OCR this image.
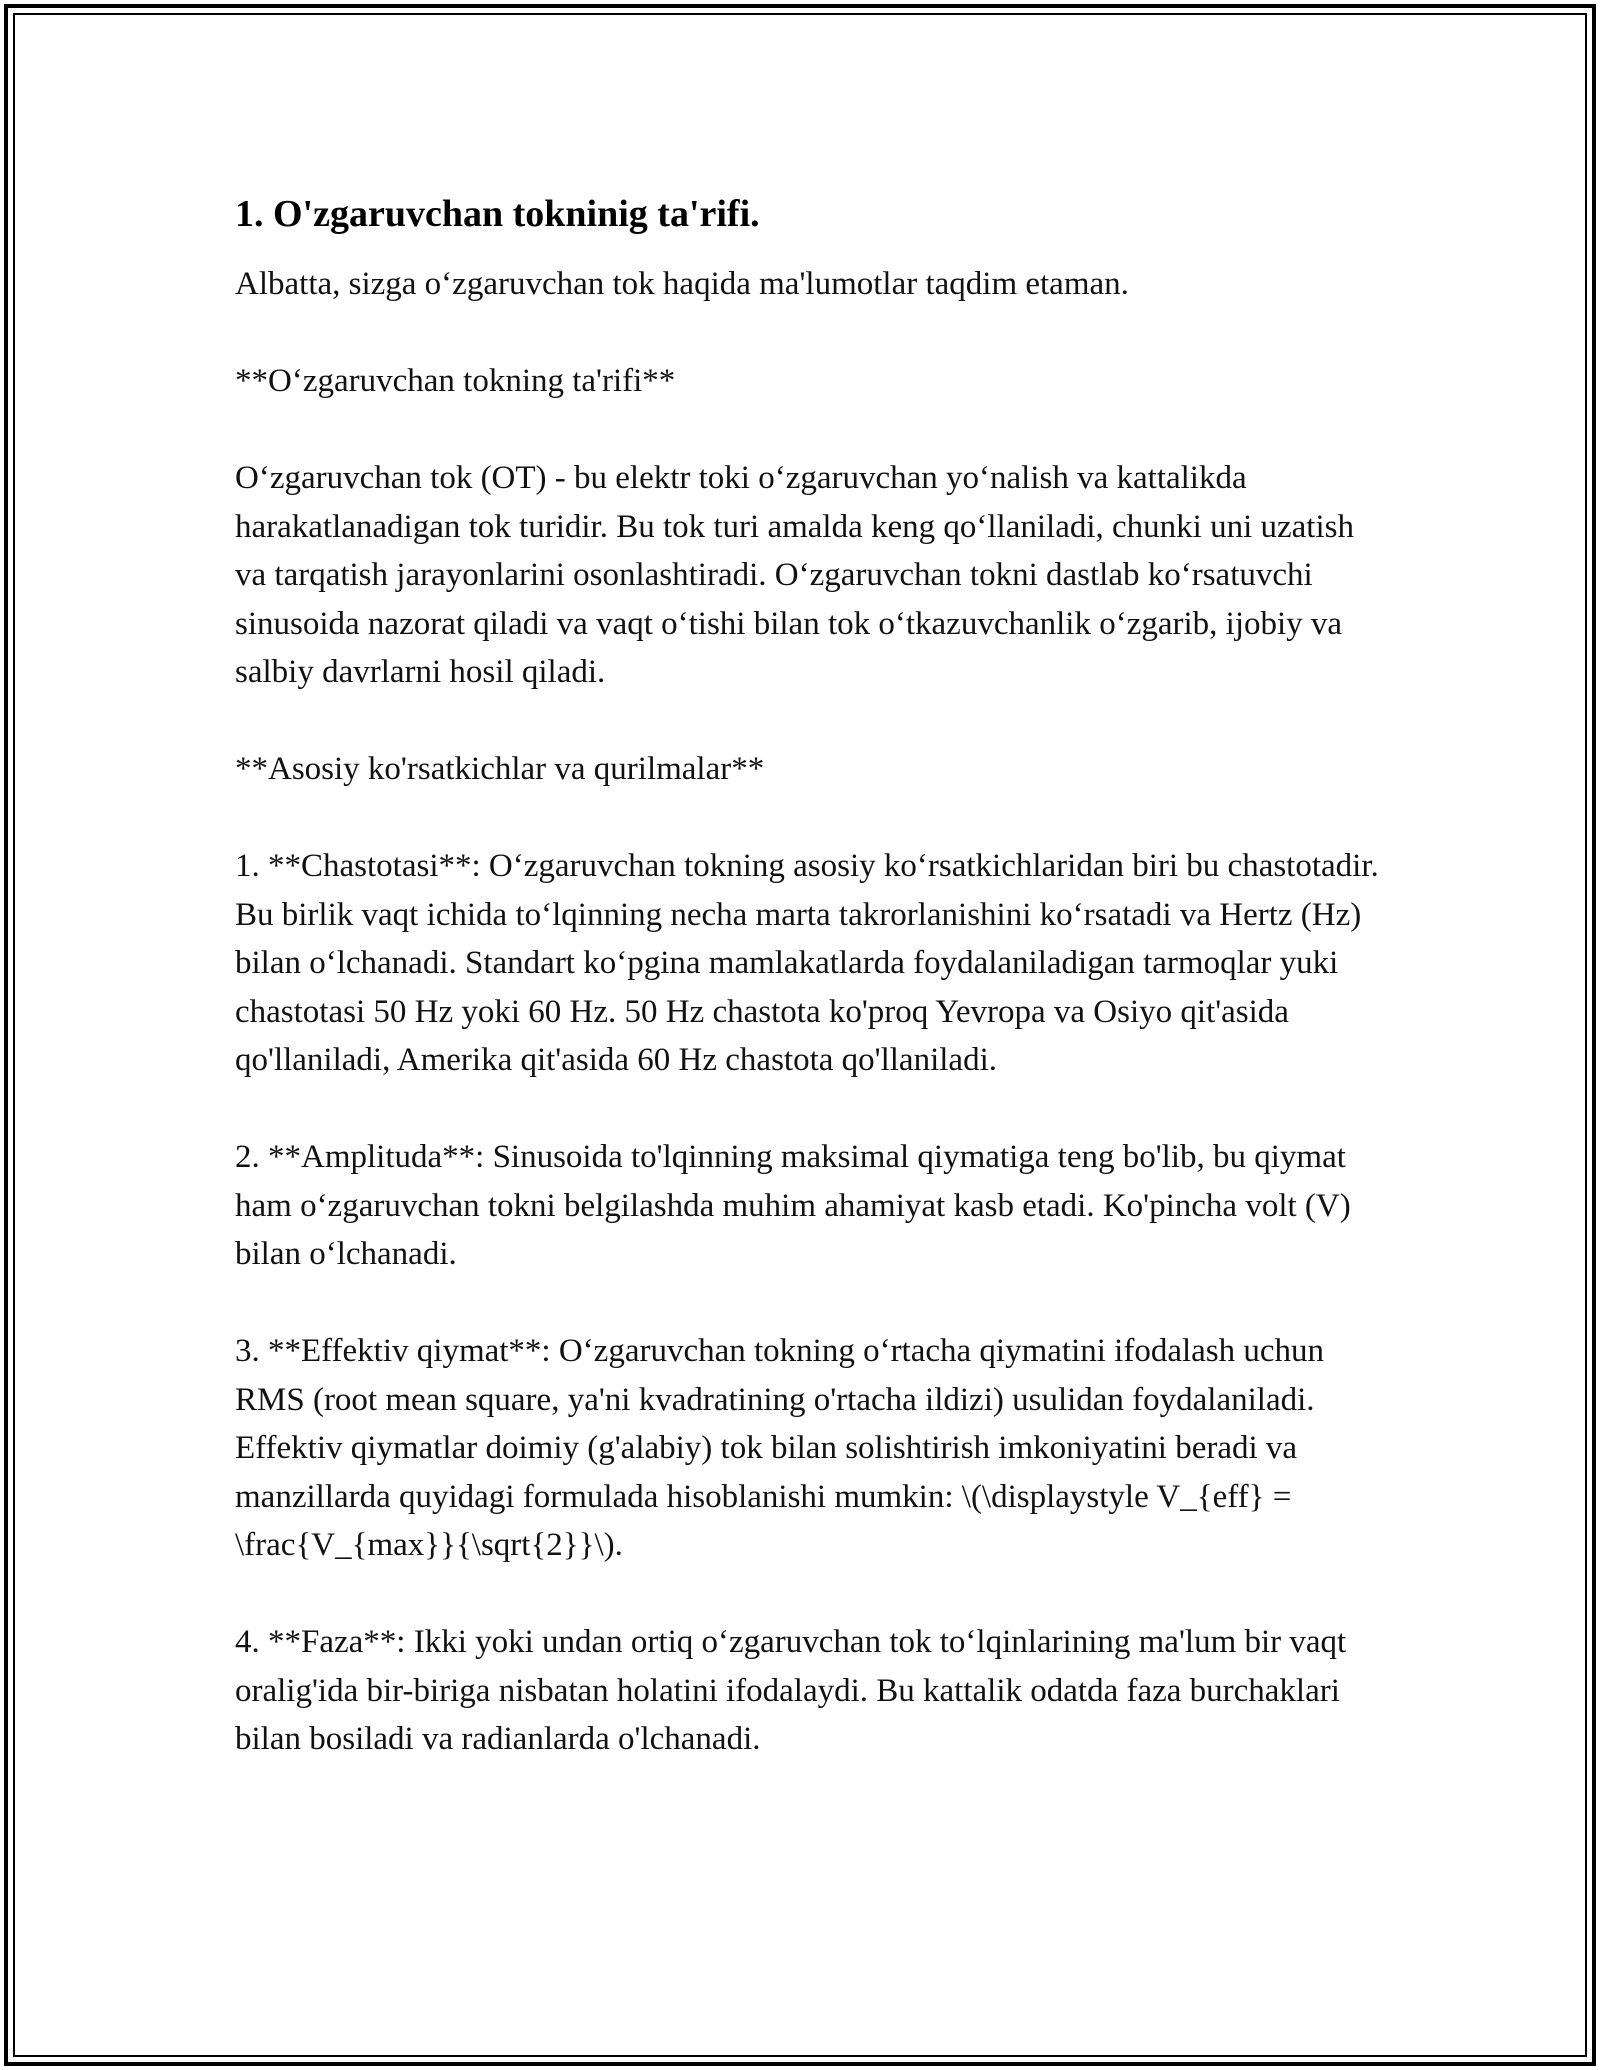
1. O'zgaruvchan tokninig ta'rifi.

Albatta, sizga o‘zgaruvchan tok haqida ma'lumotlar taqdim etaman.

**O‘zgaruvchan tokning ta'rifi**

O‘zgaruvchan tok (OT) - bu elektr toki o‘zgaruvchan yo‘nalish va kattalikda harakatlanadigan tok turidir. Bu tok turi amalda keng qo‘llaniladi, chunki uni uzatish va tarqatish jarayonlarini osonlashtiradi. O‘zgaruvchan tokni dastlab ko‘rsatuvchi sinusoida nazorat qiladi va vaqt o‘tishi bilan tok o‘tkazuvchanlik o‘zgarib, ijobiy va salbiy davrlarni hosil qiladi.

**Asosiy ko'rsatkichlar va qurilmalar**

1. **Chastotasi**: O‘zgaruvchan tokning asosiy ko‘rsatkichlaridan biri bu chastotadir. Bu birlik vaqt ichida to‘lqinning necha marta takrorlanishini ko‘rsatadi va Hertz (Hz) bilan o‘lchanadi. Standart ko‘pgina mamlakatlarda foydalaniladigan tarmoqlar yuki chastotasi 50 Hz yoki 60 Hz. 50 Hz chastota ko'proq Yevropa va Osiyo qit'asida qo'llaniladi, Amerika qit'asida 60 Hz chastota qo'llaniladi.

2. **Amplituda**: Sinusoida to'lqinning maksimal qiymatiga teng bo'lib, bu qiymat ham o‘zgaruvchan tokni belgilashda muhim ahamiyat kasb etadi. Ko'pincha volt (V) bilan o‘lchanadi.

3. **Effektiv qiymat**: O‘zgaruvchan tokning o‘rtacha qiymatini ifodalash uchun RMS (root mean square, ya'ni kvadratining o'rtacha ildizi) usulidan foydalaniladi. Effektiv qiymatlar doimiy (g'alabiy) tok bilan solishtirish imkoniyatini beradi va manzillarda quyidagi formulada hisoblanishi mumkin: \(\displaystyle V_{eff} = \frac{V_{max}}{\sqrt{2}}\).

4. **Faza**: Ikki yoki undan ortiq o‘zgaruvchan tok to‘lqinlarining ma'lum bir vaqt oralig'ida bir-biriga nisbatan holatini ifodalaydi. Bu kattalik odatda faza burchaklari bilan bosiladi va radianlarda o'lchanadi.
